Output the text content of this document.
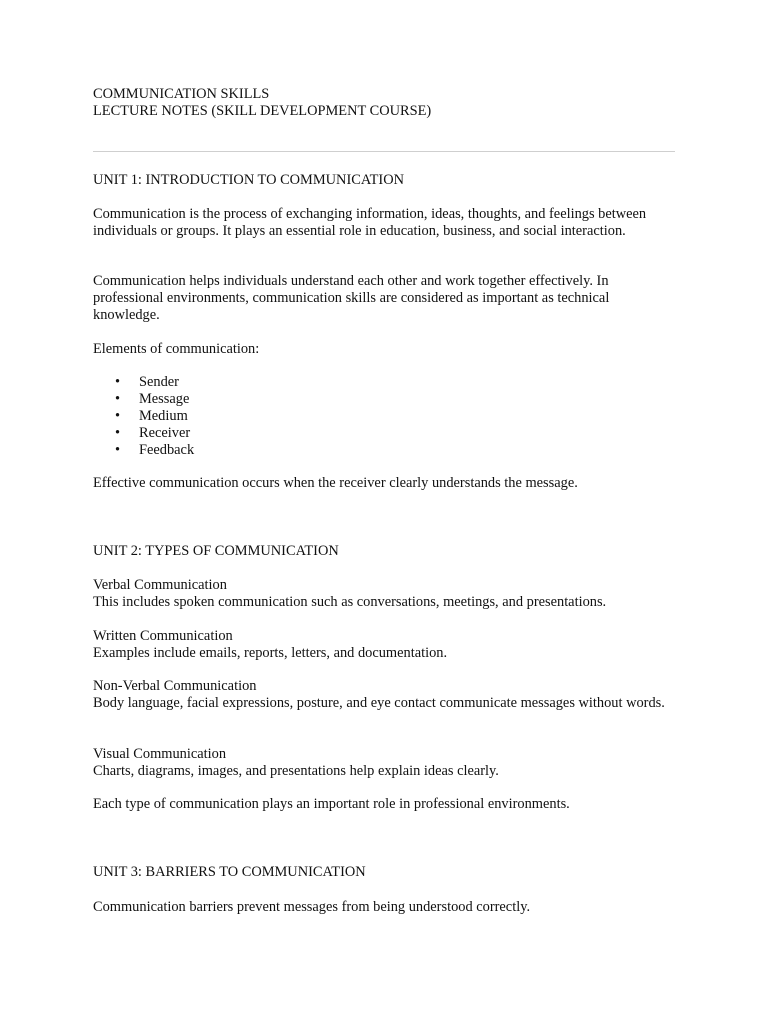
COMMUNICATION SKILLS
LECTURE NOTES (SKILL DEVELOPMENT COURSE)

UNIT 1: INTRODUCTION TO COMMUNICATION

Communication is the process of exchanging information, ideas, thoughts, and feelings between individuals or groups. It plays an essential role in education, business, and social interaction.

Communication helps individuals understand each other and work together effectively. In professional environments, communication skills are considered as important as technical knowledge.

Elements of communication:

• Sender
• Message
• Medium
• Receiver
• Feedback

Effective communication occurs when the receiver clearly understands the message.

UNIT 2: TYPES OF COMMUNICATION

Verbal Communication

This includes spoken communication such as conversations, meetings, and presentations.

Written Communication

Examples include emails, reports, letters, and documentation.

Non-Verbal Communication

Body language, facial expressions, posture, and eye contact communicate messages without words.

Visual Communication

Charts, diagrams, images, and presentations help explain ideas clearly.

Each type of communication plays an important role in professional environments.

UNIT 3: BARRIERS TO COMMUNICATION

Communication barriers prevent messages from being understood correctly.
